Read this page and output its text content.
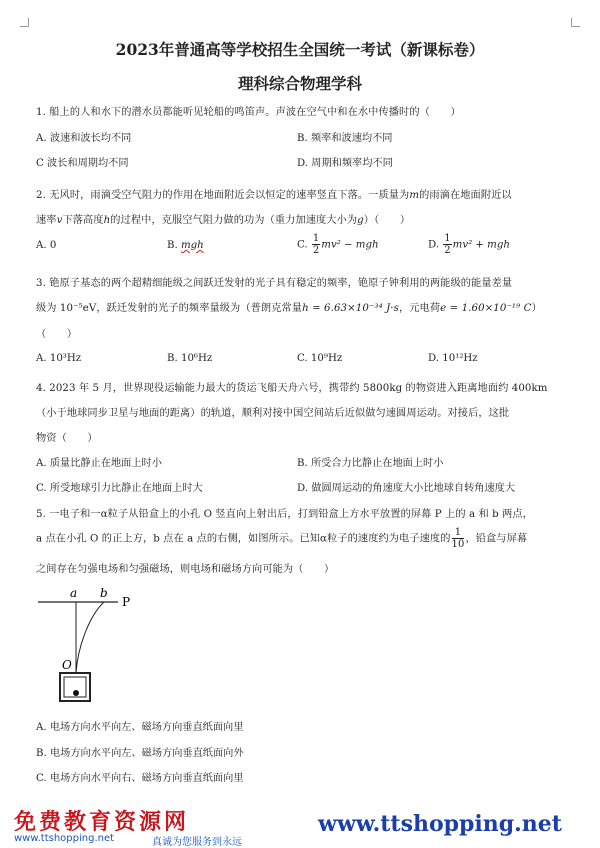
2023年普通高等学校招生全国统一考试（新课标卷）
理科综合物理学科
1. 船上的人和水下的潜水员都能听见轮船的鸣笛声。声波在空气中和在水中传播时的（　　）
A. 波速和波长均不同	B. 频率和波速均不同
C 波长和周期均不同	D. 周期和频率均不同
2. 无风时，雨滴受空气阻力的作用在地面附近会以恒定的速率竖直下落。一质量为m的雨滴在地面附近以
速率v下落高度h的过程中，克服空气阻力做的功为（重力加速度大小为g）（　　）
A. 0	B. mgh	C. $\frac{1}{2} mv^2$ − mgh	D. $\frac{1}{2} mv^2$ + mgh
3. 铯原子基态的两个超精细能级之间跃迁发射的光子具有稳定的频率，铯原子钟利用的两能级的能量差量
级为 10⁻⁵eV，跃迁发射的光子的频率量级为（普朗克常量h = 6.63×10⁻³⁴ J·s，元电荷e = 1.60×10⁻¹⁹ C）
（　　）
A. 10³Hz	B. 10⁶Hz	C. 10⁹Hz	D. 10¹²Hz
4. 2023 年 5 月，世界现役运输能力最大的货运飞船天舟六号，携带约 5800kg 的物资进入距离地面约 400km
（小于地球同步卫星与地面的距离）的轨道，顺利对接中国空间站后近似做匀速圆周运动。对接后，这批
物资（　　）
A. 质量比静止在地面上时小	B. 所受合力比静止在地面上时小
C. 所受地球引力比静止在地面上时大	D. 做圆周运动的角速度大小比地球自转角速度大
5. 一电子和一α粒子从铅盒上的小孔 O 竖直向上射出后，打到铅盒上方水平放置的屏幕 P 上的 a 和 b 两点，
a 点在小孔 O 的正上方，b 点在 a 点的右侧，如图所示。已知α粒子的速度约为电子速度的 $\frac{1}{10}$ ，铅盒与屏幕
之间存在匀强电场和匀强磁场，则电场和磁场方向可能为（　　）
a b
P
O
A. 电场方向水平向左、磁场方向垂直纸面向里
B. 电场方向水平向左、磁场方向垂直纸面向外
C. 电场方向水平向右、磁场方向垂直纸面向里
免费教育资源网
www.ttshopping.net	真诚为您服务到永远
www.ttshopping.net
